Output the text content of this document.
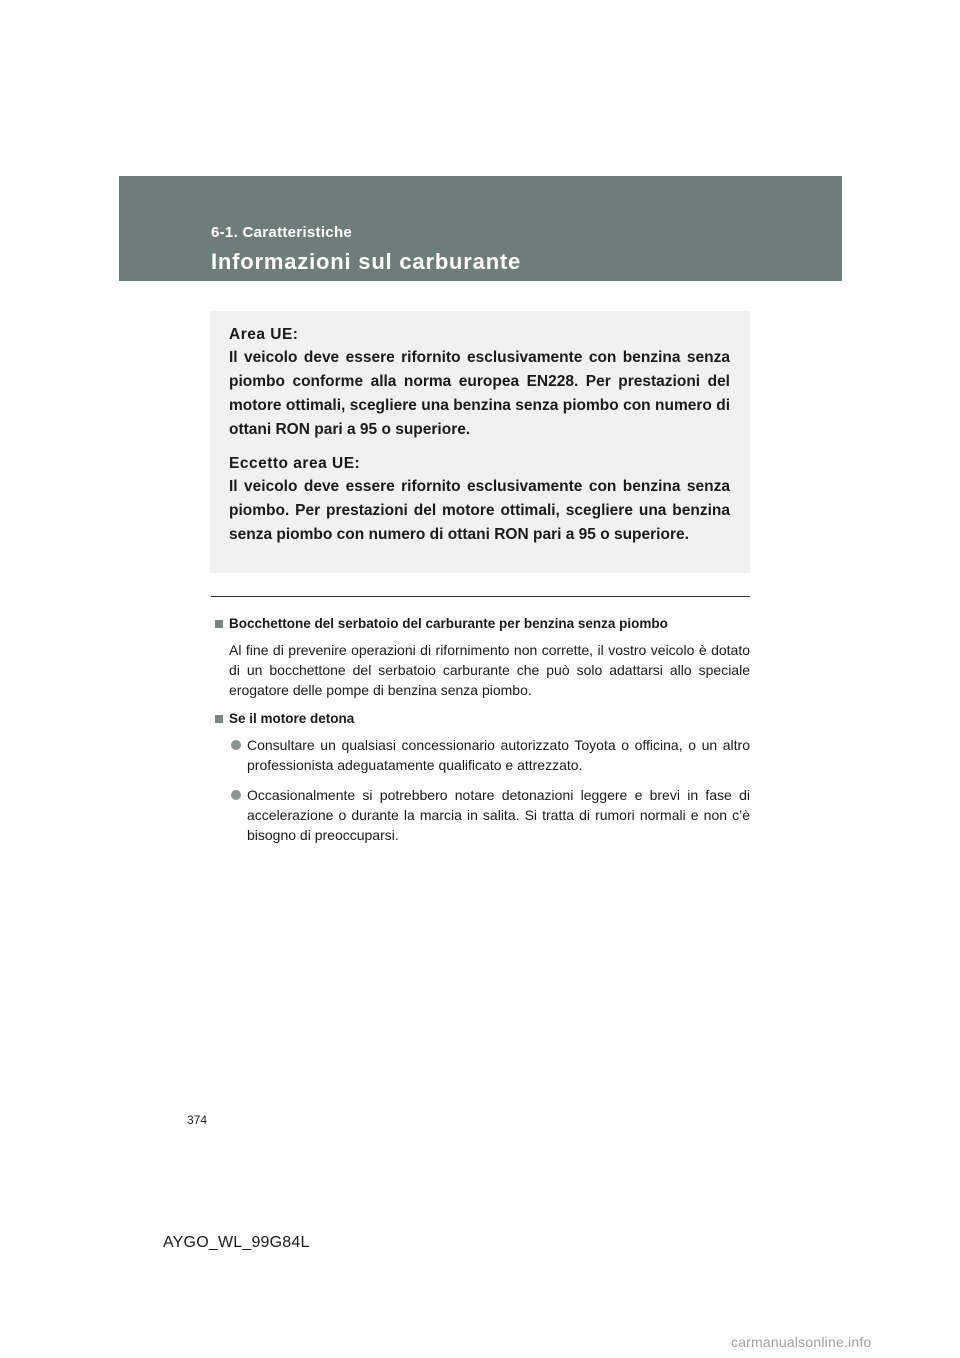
6-1. Caratteristiche
Informazioni sul carburante
Area UE:
Il veicolo deve essere rifornito esclusivamente con benzina senza piombo conforme alla norma europea EN228. Per prestazioni del motore ottimali, scegliere una benzina senza piombo con numero di ottani RON pari a 95 o superiore.
Eccetto area UE:
Il veicolo deve essere rifornito esclusivamente con benzina senza piombo. Per prestazioni del motore ottimali, scegliere una benzina senza piombo con numero di ottani RON pari a 95 o superiore.
Bocchettone del serbatoio del carburante per benzina senza piombo
Al fine di prevenire operazioni di rifornimento non corrette, il vostro veicolo è dotato di un bocchettone del serbatoio carburante che può solo adattarsi allo speciale erogatore delle pompe di benzina senza piombo.
Se il motore detona
Consultare un qualsiasi concessionario autorizzato Toyota o officina, o un altro professionista adeguatamente qualificato e attrezzato.
Occasionalmente si potrebbero notare detonazioni leggere e brevi in fase di accelerazione o durante la marcia in salita. Si tratta di rumori normali e non c’è bisogno di preoccuparsi.
374
AYGO_WL_99G84L
carmanualsonline.info
